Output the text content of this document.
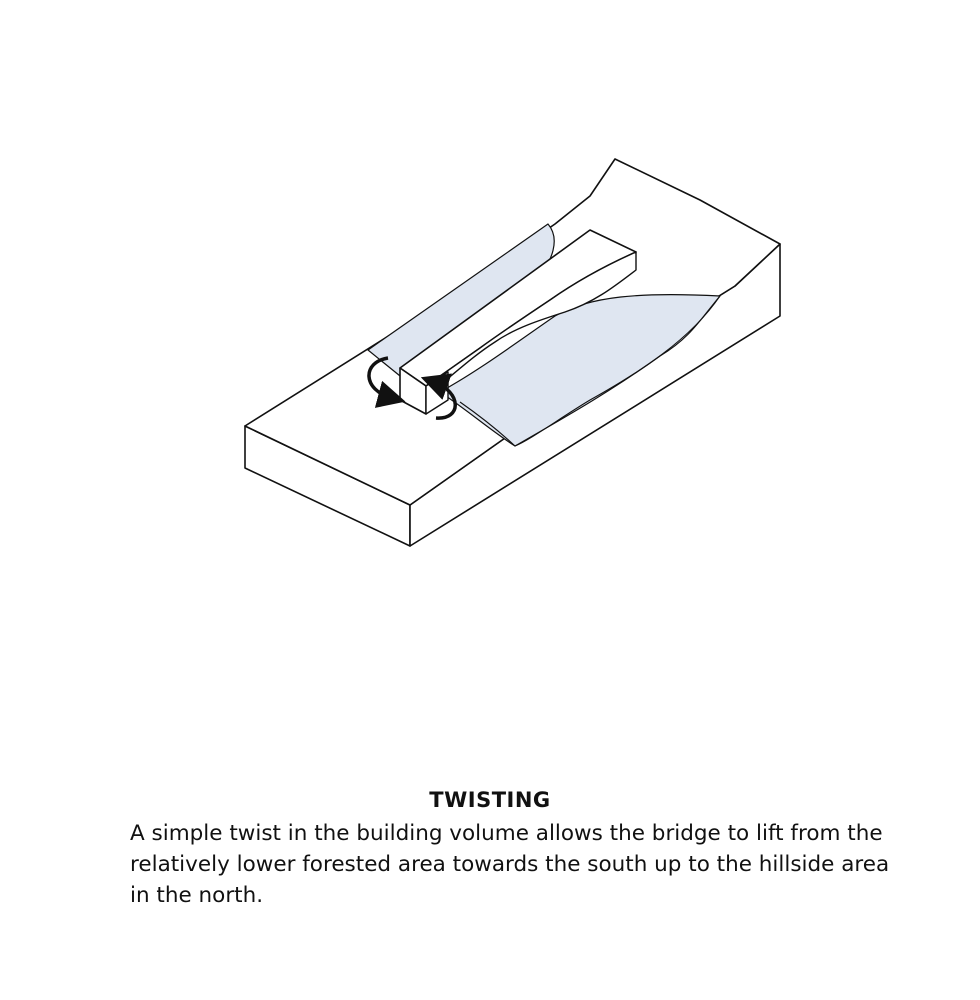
TWISTING
A simple twist in the building volume allows the bridge to lift from the relatively lower forested area towards the south up to the hillside area in the north.
